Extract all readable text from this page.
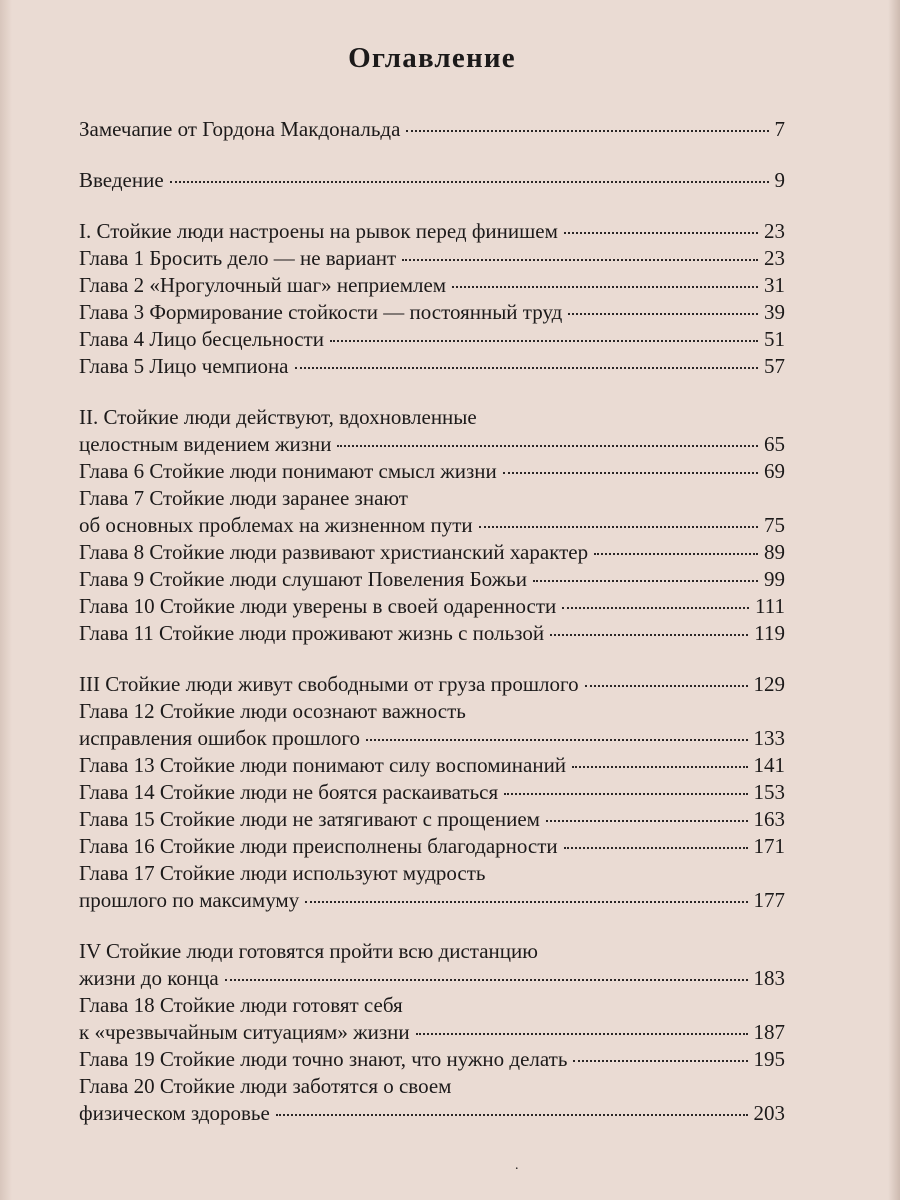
Оглавление
Замечапие от Гордона Макдональда	7
Введение	9
I. Стойкие люди настроены на рывок перед финишем	23
Глава 1 Бросить дело — не вариант	23
Глава 2 «Нрогулочный шаг» неприемлем	31
Глава 3 Формирование стойкости — постоянный труд	39
Глава 4 Лицо бесцельности	51
Глава 5 Лицо чемпиона	57
II. Стойкие люди действуют, вдохновленные
целостным видением жизни	65
Глава 6 Стойкие люди понимают смысл жизни	69
Глава 7 Стойкие люди заранее знают
об основных проблемах на жизненном пути	75
Глава 8 Стойкие люди развивают христианский характер	89
Глава 9 Стойкие люди слушают Повеления Божьи	99
Глава 10 Стойкие люди уверены в своей одаренности	111
Глава 11 Стойкие люди проживают жизнь с пользой	119
III Стойкие люди живут свободными от груза прошлого	129
Глава 12 Стойкие люди осознают важность
исправления ошибок прошлого	133
Глава 13 Стойкие люди понимают силу воспоминаний	141
Глава 14 Стойкие люди не боятся раскаиваться	153
Глава 15 Стойкие люди не затягивают с прощением	163
Глава 16 Стойкие люди преисполнены благодарности	171
Глава 17 Стойкие люди используют мудрость
прошлого по максимуму	177
IV Стойкие люди готовятся пройти всю дистанцию
жизни до конца	183
Глава 18 Стойкие люди готовят себя
к «чрезвычайным ситуациям» жизни	187
Глава 19 Стойкие люди точно знают, что нужно делать	195
Глава 20 Стойкие люди заботятся о своем
физическом здоровье	203
.
